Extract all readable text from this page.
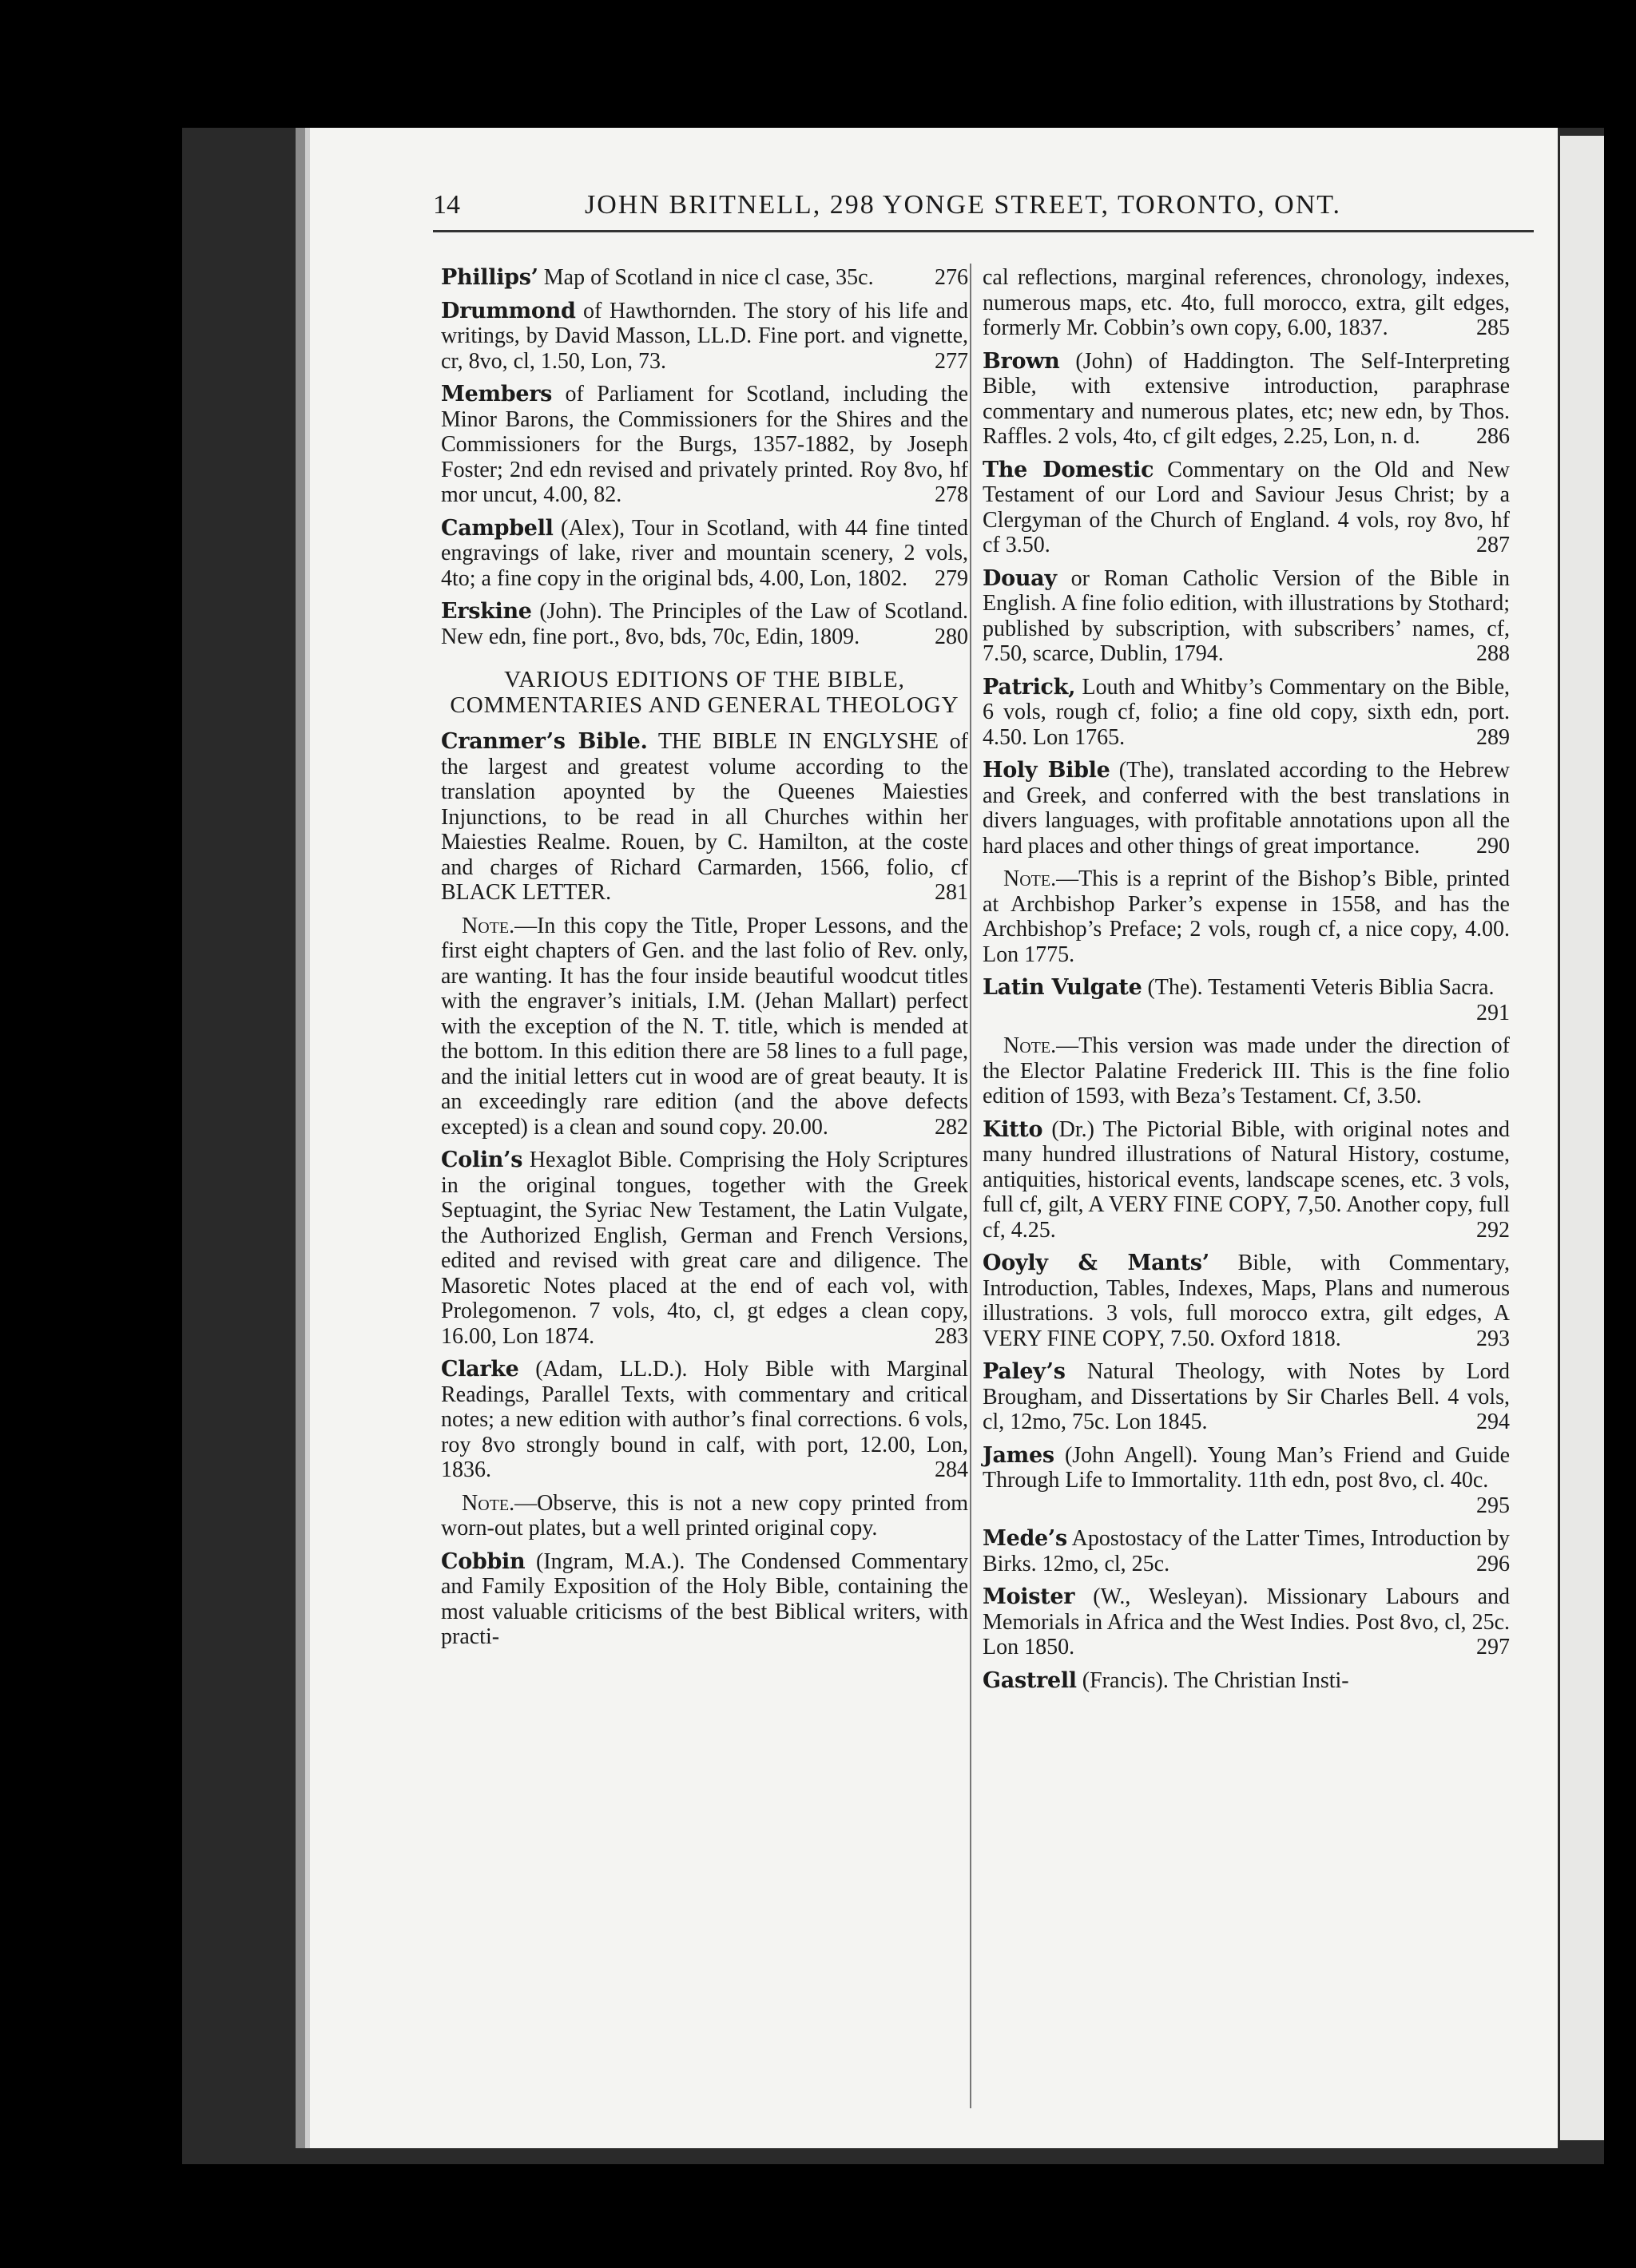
14	JOHN BRITNELL, 298 YONGE STREET, TORONTO, ONT.
Phillips’ Map of Scotland in nice cl case, 35c.	276
Drummond of Hawthornden. The story of his life and writings, by David Masson, LL.D. Fine port. and vignette, cr, 8vo, cl, 1.50, Lon, 73.	277
Members of Parliament for Scotland, including the Minor Barons, the Commissioners for the Shires and the Commissioners for the Burgs, 1357-1882, by Joseph Foster; 2nd edn revised and privately printed. Roy 8vo, hf mor uncut, 4.00, 82.	278
Campbell (Alex), Tour in Scotland, with 44 fine tinted engravings of lake, river and mountain scenery, 2 vols, 4to; a fine copy in the original bds, 4.00, Lon, 1802. 279
Erskine (John). The Principles of the Law of Scotland. New edn, fine port., 8vo, bds, 70c, Edin, 1809.	280
VARIOUS EDITIONS OF THE BIBLE, COMMENTARIES AND GENERAL THEOLOGY
Cranmer’s Bible. THE BIBLE IN ENGLYSHE of the largest and greatest volume according to the translation apoynted by the Queenes Maiesties Injunctions, to be read in all Churches within her Maiesties Realme. Rouen, by C. Hamilton, at the coste and charges of Richard Carmarden, 1566, folio, cf BLACK LETTER.	281
Note.—In this copy the Title, Proper Lessons, and the first eight chapters of Gen. and the last folio of Rev. only, are wanting. It has the four inside beautiful woodcut titles with the engraver’s initials, I.M. (Jehan Mallart) perfect with the exception of the N. T. title, which is mended at the bottom. In this edition there are 58 lines to a full page, and the initial letters cut in wood are of great beauty. It is an exceedingly rare edition (and the above defects excepted) is a clean and sound copy. 20.00.	282
Colin’s Hexaglot Bible. Comprising the Holy Scriptures in the original tongues, together with the Greek Septuagint, the Syriac New Testament, the Latin Vulgate, the Authorized English, German and French Versions, edited and revised with great care and diligence. The Masoretic Notes placed at the end of each vol, with Prolegomenon. 7 vols, 4to, cl, gt edges a clean copy, 16.00, Lon 1874.	283
Clarke (Adam, LL.D.). Holy Bible with Marginal Readings, Parallel Texts, with commentary and critical notes; a new edition with author’s final corrections. 6 vols, roy 8vo strongly bound in calf, with port, 12.00, Lon, 1836.	284
Note.—Observe, this is not a new copy printed from worn-out plates, but a well printed original copy.
Cobbin (Ingram, M.A.). The Condensed Commentary and Family Exposition of the Holy Bible, containing the most valuable criticisms of the best Biblical writers, with practi-
cal reflections, marginal references, chronology, indexes, numerous maps, etc. 4to, full morocco, extra, gilt edges, formerly Mr. Cobbin’s own copy, 6.00, 1837.	285
Brown (John) of Haddington. The Self-Interpreting Bible, with extensive introduction, paraphrase commentary and numerous plates, etc; new edn, by Thos. Raffles. 2 vols, 4to, cf gilt edges, 2.25, Lon, n. d.	286
The Domestic Commentary on the Old and New Testament of our Lord and Saviour Jesus Christ; by a Clergyman of the Church of England. 4 vols, roy 8vo, hf cf 3.50.	287
Douay or Roman Catholic Version of the Bible in English. A fine folio edition, with illustrations by Stothard; published by subscription, with subscribers’ names, cf, 7.50, scarce, Dublin, 1794.	288
Patrick, Louth and Whitby’s Commentary on the Bible, 6 vols, rough cf, folio; a fine old copy, sixth edn, port. 4.50. Lon 1765.	289
Holy Bible (The), translated according to the Hebrew and Greek, and conferred with the best translations in divers languages, with profitable annotations upon all the hard places and other things of great importance.	290
Note.—This is a reprint of the Bishop’s Bible, printed at Archbishop Parker’s expense in 1558, and has the Archbishop’s Preface; 2 vols, rough cf, a nice copy, 4.00. Lon 1775.
Latin Vulgate (The). Testamenti Veteris Biblia Sacra.
291
Note.—This version was made under the direction of the Elector Palatine Frederick III. This is the fine folio edition of 1593, with Beza’s Testament. Cf, 3.50.
Kitto (Dr.) The Pictorial Bible, with original notes and many hundred illustrations of Natural History, costume, antiquities, historical events, landscape scenes, etc. 3 vols, full cf, gilt, A VERY FINE COPY, 7,50. Another copy, full cf, 4.25.	292
Ooyly & Mants’ Bible, with Commentary, Introduction, Tables, Indexes, Maps, Plans and numerous illustrations. 3 vols, full morocco extra, gilt edges, A VERY FINE COPY, 7.50. Oxford 1818.	293
Paley’s Natural Theology, with Notes by Lord Brougham, and Dissertations by Sir Charles Bell. 4 vols, cl, 12mo, 75c. Lon 1845.	294
James (John Angell). Young Man’s Friend and Guide Through Life to Immortality. 11th edn, post 8vo, cl. 40c.
295
Mede’s Apostostacy of the Latter Times, Introduction by Birks. 12mo, cl, 25c.	296
Moister (W., Wesleyan). Missionary Labours and Memorials in Africa and the West Indies. Post 8vo, cl, 25c. Lon 1850.	297
Gastrell (Francis). The Christian Insti-
